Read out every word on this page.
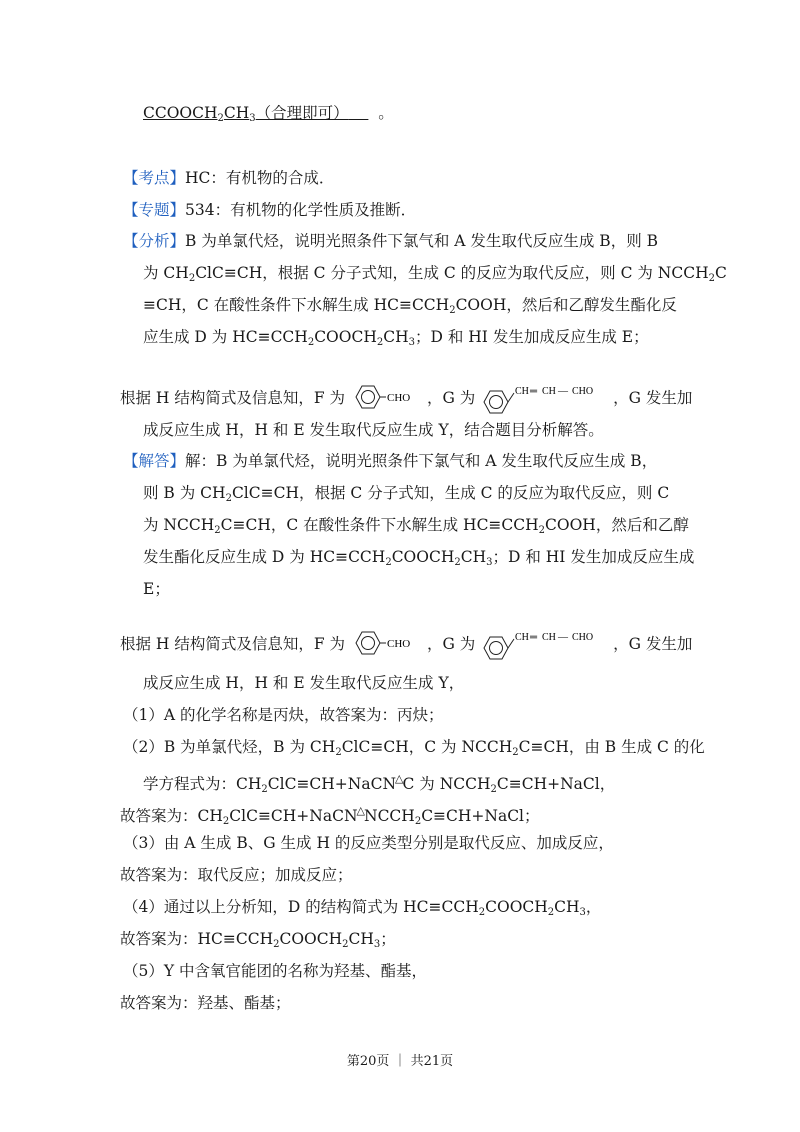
$CCOOCH_2CH_3$（合理即可） 。
【考点】HC：有机物的合成．
【专题】534：有机物的化学性质及推断．
【分析】B 为单氯代烃，说明光照条件下氯气和 A 发生取代反应生成 B，则 B
为 $CH_2ClC\equiv CH$，根据 C 分子式知，生成 C 的反应为取代反应，则 C 为 $NCCH_2C$
≡CH，C 在酸性条件下水解生成 $HC\equiv CCH_2COOH$，然后和乙醇发生酯化反
应生成 D 为 $HC\equiv CCH_2COOCH_2CH_3$；D 和 HI 发生加成反应生成 E；
根据 H 结构简式及信息知，F 为	CHO ，G 为	CH ═ CH — CHO ，G 发生加
成反应生成 H，H 和 E 发生取代反应生成 Y，结合题目分析解答。
【解答】解：B 为单氯代烃，说明光照条件下氯气和 A 发生取代反应生成 B，
则 B 为 $CH_2ClC\equiv CH$，根据 C 分子式知，生成 C 的反应为取代反应，则 C
为 $NCCH_2C\equiv CH$，C 在酸性条件下水解生成 $HC\equiv CCH_2COOH$，然后和乙醇
发生酯化反应生成 D 为 $HC\equiv CCH_2COOCH_2CH_3$；D 和 HI 发生加成反应生成
E；
根据 H 结构简式及信息知，F 为	CHO ，G 为	CH ═ CH — CHO ，G 发生加
成反应生成 H，H 和 E 发生取代反应生成 Y，
（1）A 的化学名称是丙炔，故答案为：丙炔；
（2）B 为单氯代烃，B 为 $CH_2ClC\equiv CH$，C 为 $NCCH_2C\equiv CH$，由 B 生成 C 的化
学方程式为：$CH_2ClC\equiv CH+NaCN^\triangle C$ 为 $NCCH_2C\equiv CH+NaCl$，
故答案为：$CH_2ClC\equiv CH+NaCN^\triangle NCCH_2C\equiv CH+NaCl$；
（3）由 A 生成 B、G 生成 H 的反应类型分别是取代反应、加成反应，
故答案为：取代反应；加成反应；
（4）通过以上分析知，D 的结构简式为 $HC\equiv CCH_2COOCH_2CH_3$，
故答案为：$HC\equiv CCH_2COOCH_2CH_3$；
（5）Y 中含氧官能团的名称为羟基、酯基，
故答案为：羟基、酯基；
第20页 ｜ 共21页
